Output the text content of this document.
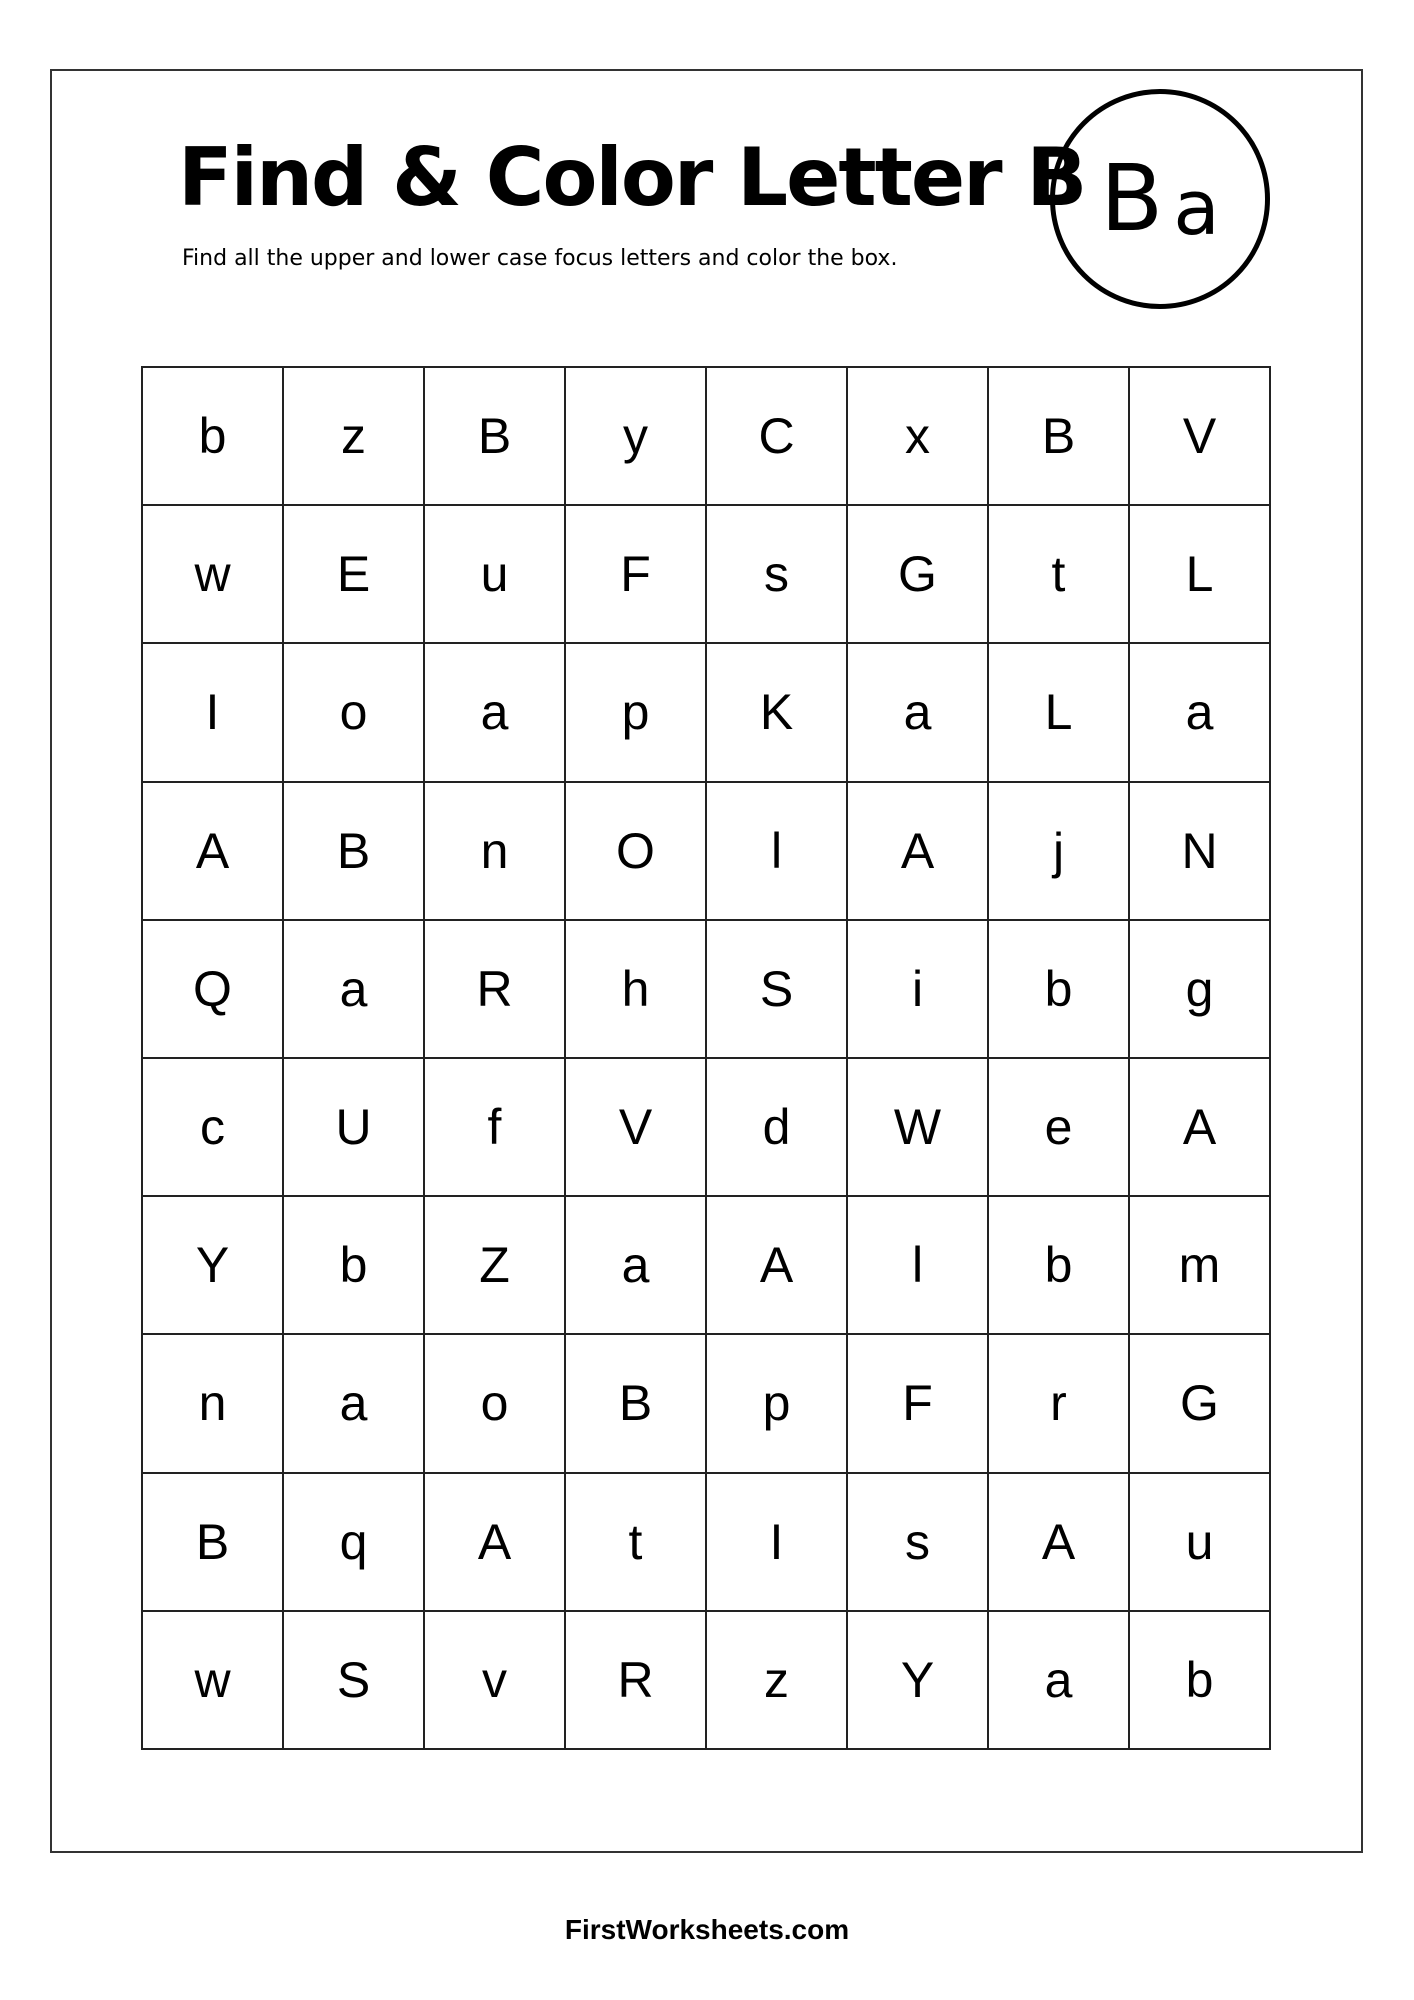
Find & Color Letter B
Find all the upper and lower case focus letters and color the box.
B a
b	z	B	y	C	x	B	V
w	E	u	F	s	G	t	L
I	o	a	p	K	a	L	a
A	B	n	O	l	A	j	N
Q	a	R	h	S	i	b	g
c	U	f	V	d	W	e	A
Y	b	Z	a	A	l	b	m
n	a	o	B	p	F	r	G
B	q	A	t	I	s	A	u
w	S	v	R	z	Y	a	b
FirstWorksheets.com
